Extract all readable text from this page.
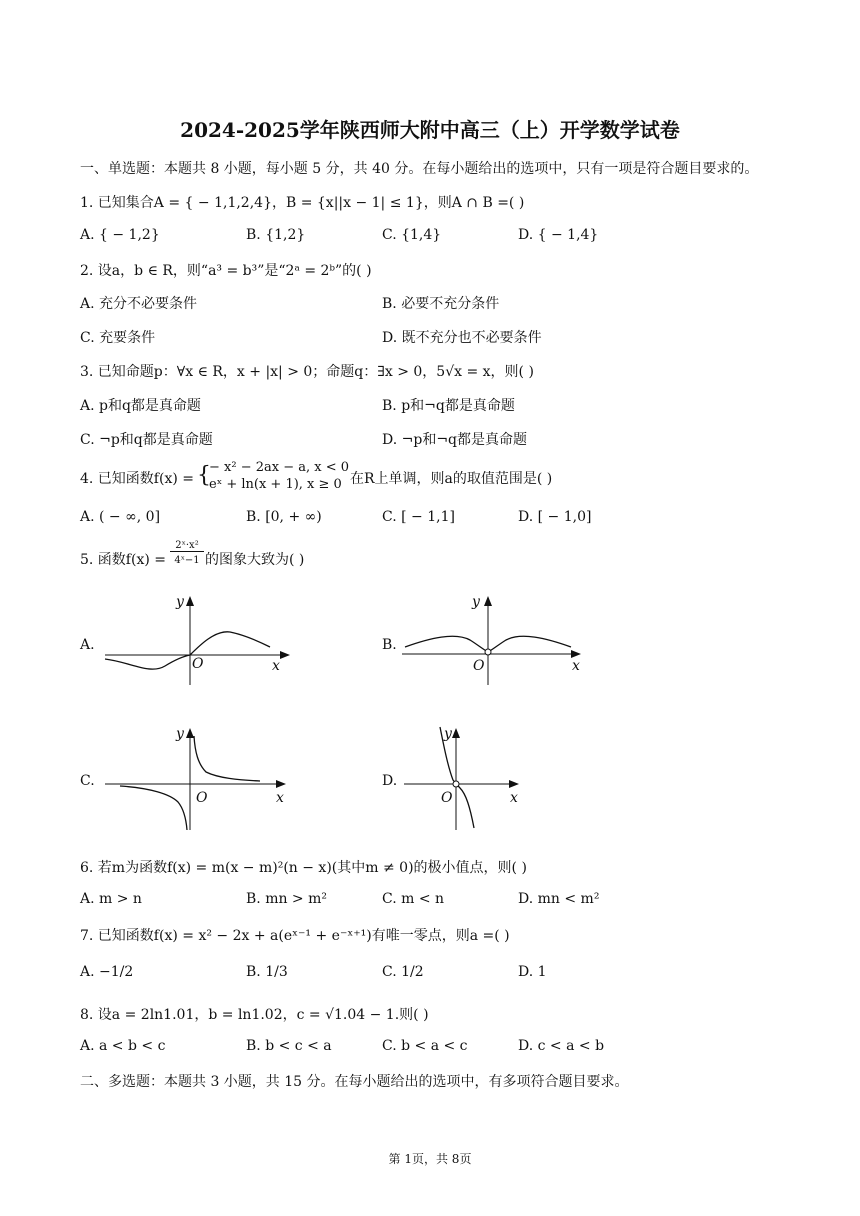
2024-2025学年陕西师大附中高三（上）开学数学试卷
一、单选题：本题共 8 小题，每小题 5 分，共 40 分。在每小题给出的选项中，只有一项是符合题目要求的。
1. 已知集合A = { − 1,1,2,4}，B = {x||x − 1| ≤ 1}，则A ∩ B =( )
A. { − 1,2}	B. {1,2}	C. {1,4}	D. { − 1,4}
2. 设a，b ∈ R，则“a³ = b³”是“2ᵃ = 2ᵇ”的( )
A. 充分不必要条件	B. 必要不充分条件
C. 充要条件	D. 既不充分也不必要条件
3. 已知命题p：∀x ∈ R，x + |x| > 0；命题q：∃x > 0，5√x = x，则( )
A. p和q都是真命题	B. p和¬q都是真命题
C. ¬p和q都是真命题	D. ¬p和¬q都是真命题
4. 已知函数f(x) = {
− x² − 2ax − a, x < 0
eˣ + ln(x + 1), x ≥ 0 在R上单调，则a的取值范围是( )
A. ( − ∞, 0]	B. [0, + ∞)	C. [ − 1,1]	D. [ − 1,0]
5. 函数f(x) =
2ˣ·x²
4ˣ−1 的图象大致为( )
A.	B.
C.	D.
y
x
O
y
x
O
y
x
O
y
x
O
6. 若m为函数f(x) = m(x − m)²(n − x)(其中m ≠ 0)的极小值点，则( )
A. m > n	B. mn > m²	C. m < n	D. mn < m²
7. 已知函数f(x) = x² − 2x + a(eˣ⁻¹ + e⁻ˣ⁺¹)有唯一零点，则a =( )
A. −1/2	B. 1/3	C. 1/2	D. 1
8. 设a = 2ln1.01，b = ln1.02，c = √1.04 − 1.则( )
A. a < b < c	B. b < c < a	C. b < a < c	D. c < a < b
二、多选题：本题共 3 小题，共 15 分。在每小题给出的选项中，有多项符合题目要求。
第 1页，共 8页
